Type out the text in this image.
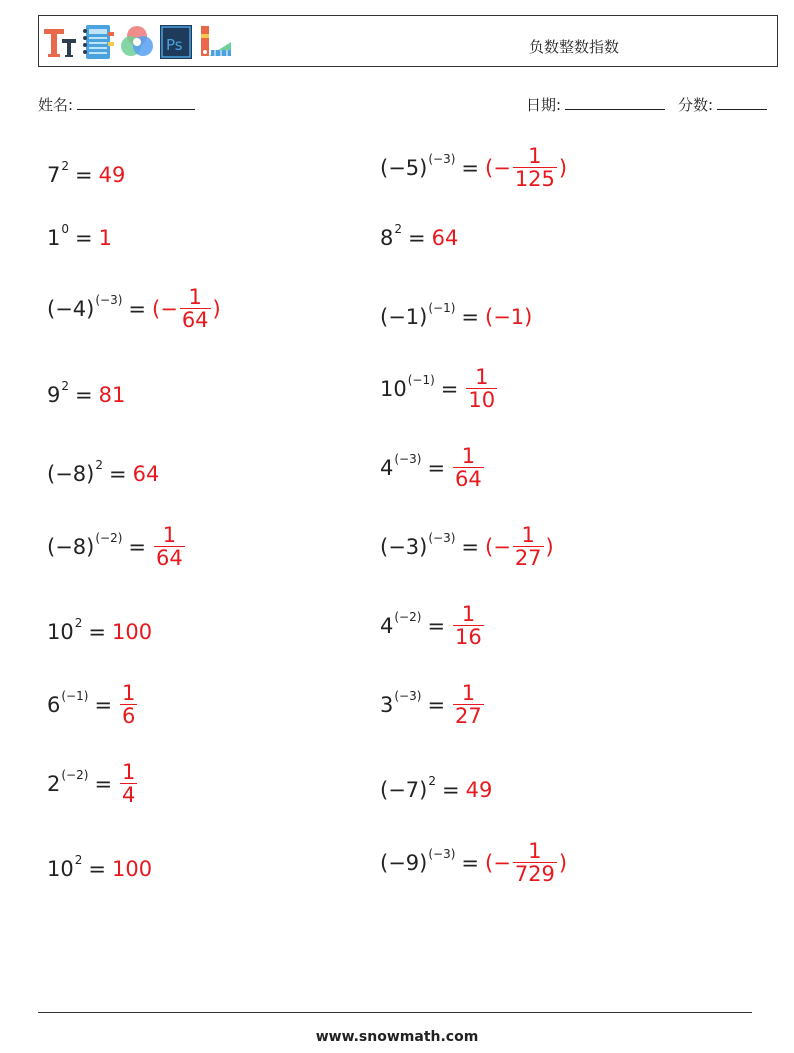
Ps	负数整数指数
姓名:	日期:	分数:
$7^2 = 49$
$1^0 = 1$
$(-4)^{(-3)}$ = (− $\frac{1}{64}$ )
$9^2 = 81$
$(-8)^2 = 64$
$(-8)^{(-2)} = \frac{1}{64}$
$10^2 = 100$
$6^{(-1)} = \frac{1}{6}$
$2^{(-2)} = \frac{1}{4}$
$10^2 = 100$
$(-5)^{(-3)}$ = (− $\frac{1}{125}$ )
$8^2 = 64$
$(-1)^{(-1)} = (-1)$
$10^{(-1)} = \frac{1}{10}$
$4^{(-3)} = \frac{1}{64}$
$(-3)^{(-3)}$ = (− $\frac{1}{27}$ )
$4^{(-2)} = \frac{1}{16}$
$3^{(-3)} = \frac{1}{27}$
$(-7)^2 = 49$
$(-9)^{(-3)}$ = (− $\frac{1}{729}$ )
www.snowmath.com
